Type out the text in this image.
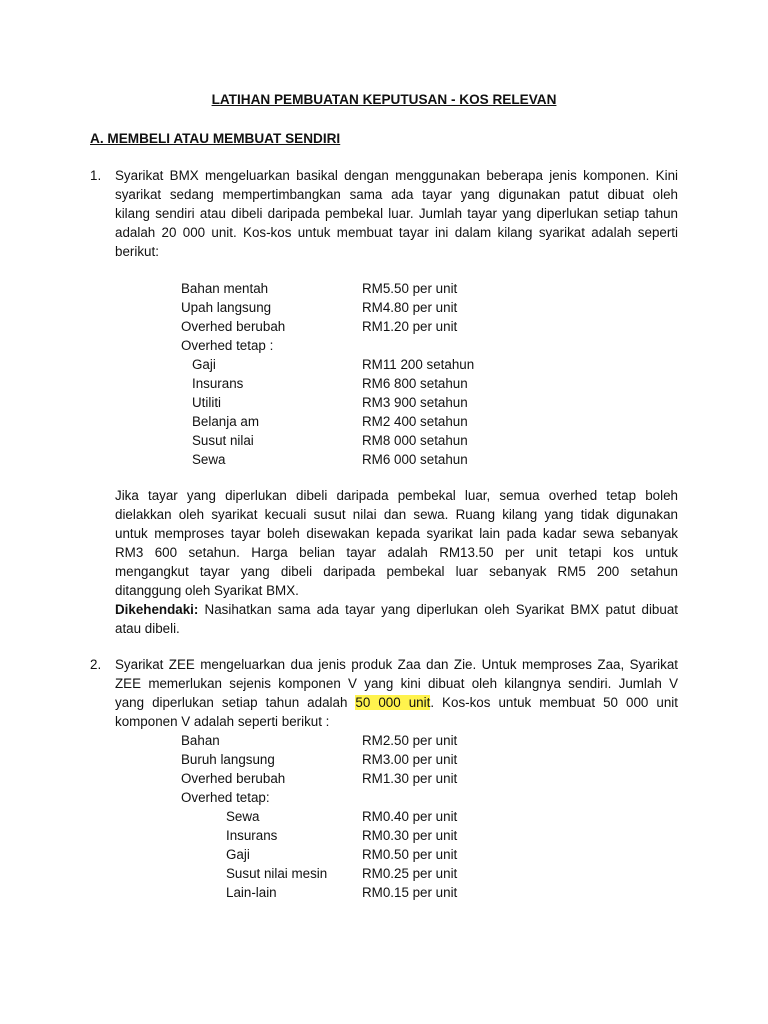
LATIHAN PEMBUATAN KEPUTUSAN - KOS RELEVAN
A. MEMBELI ATAU MEMBUAT SENDIRI
1. Syarikat BMX mengeluarkan basikal dengan menggunakan beberapa jenis komponen. Kini
syarikat sedang mempertimbangkan sama ada tayar yang digunakan patut dibuat oleh
kilang sendiri atau dibeli daripada pembekal luar. Jumlah tayar yang diperlukan setiap tahun
adalah 20 000 unit. Kos-kos untuk membuat tayar ini dalam kilang syarikat adalah seperti
berikut:
Bahan mentah	RM5.50 per unit
Upah langsung	RM4.80 per unit
Overhed berubah	RM1.20 per unit
Overhed tetap :
Gaji	RM11 200 setahun
Insurans	RM6 800 setahun
Utiliti	RM3 900 setahun
Belanja am	RM2 400 setahun
Susut nilai	RM8 000 setahun
Sewa	RM6 000 setahun
Jika tayar yang diperlukan dibeli daripada pembekal luar, semua overhed tetap boleh
dielakkan oleh syarikat kecuali susut nilai dan sewa. Ruang kilang yang tidak digunakan
untuk memproses tayar boleh disewakan kepada syarikat lain pada kadar sewa sebanyak
RM3 600 setahun. Harga belian tayar adalah RM13.50 per unit tetapi kos untuk
mengangkut tayar yang dibeli daripada pembekal luar sebanyak RM5 200 setahun
ditanggung oleh Syarikat BMX.
Dikehendaki: Nasihatkan sama ada tayar yang diperlukan oleh Syarikat BMX patut dibuat
atau dibeli.
2. Syarikat ZEE mengeluarkan dua jenis produk Zaa dan Zie. Untuk memproses Zaa, Syarikat
ZEE memerlukan sejenis komponen V yang kini dibuat oleh kilangnya sendiri. Jumlah V
yang diperlukan setiap tahun adalah 50 000 unit. Kos-kos untuk membuat 50 000 unit
komponen V adalah seperti berikut :
Bahan	RM2.50 per unit
Buruh langsung	RM3.00 per unit
Overhed berubah	RM1.30 per unit
Overhed tetap:
Sewa	RM0.40 per unit
Insurans	RM0.30 per unit
Gaji	RM0.50 per unit
Susut nilai mesin	RM0.25 per unit
Lain-lain	RM0.15 per unit
